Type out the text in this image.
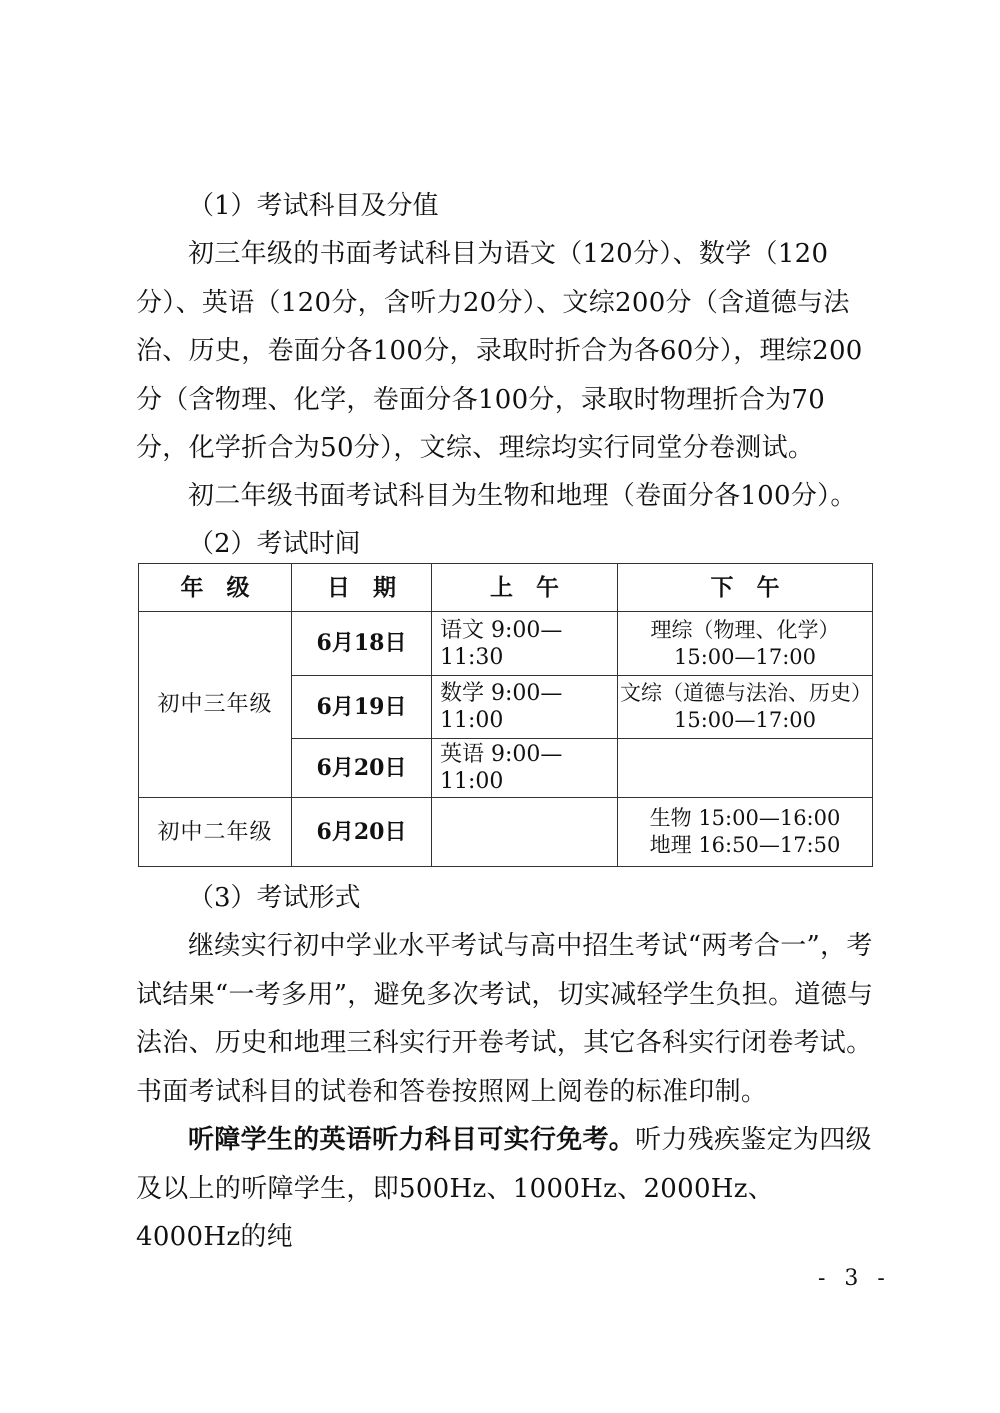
（1）考试科目及分值

初三年级的书面考试科目为语文（120分）、数学（120分）、英语（120分，含听力20分）、文综200分（含道德与法治、历史，卷面分各100分，录取时折合为各60分），理综200分（含物理、化学，卷面分各100分，录取时物理折合为70分，化学折合为50分），文综、理综均实行同堂分卷测试。

初二年级书面考试科目为生物和地理（卷面分各100分）。

（2）考试时间

年　级	日　期	上　午	下　午
初中三年级	6月18日	语文 9:00—11:30	理综（物理、化学）
15:00—17:00

	6月19日	数学 9:00—11:00	文综（道德与法治、历史）
15:00—17:00

	6月20日	英语 9:00—11:00	

初中二年级	6月20日		生物 15:00—16:00
地理 16:50—17:50

（3）考试形式

继续实行初中学业水平考试与高中招生考试“两考合一”，考试结果“一考多用”，避免多次考试，切实减轻学生负担。道德与法治、历史和地理三科实行开卷考试，其它各科实行闭卷考试。书面考试科目的试卷和答卷按照网上阅卷的标准印制。

听障学生的英语听力科目可实行免考。听力残疾鉴定为四级及以上的听障学生，即500Hz、1000Hz、2000Hz、4000Hz的纯

- 3 -
